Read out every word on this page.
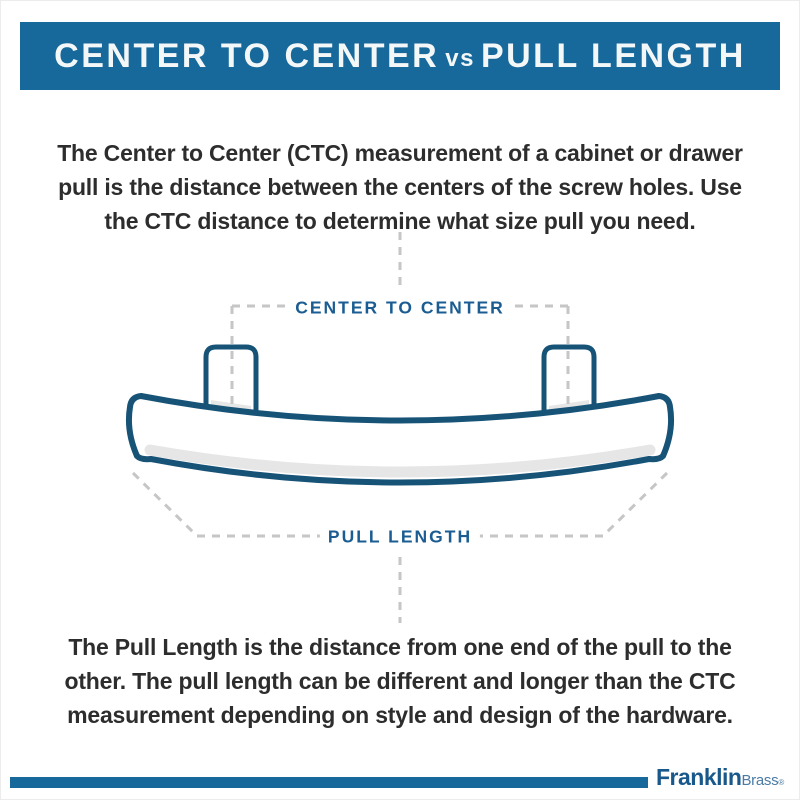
CENTER TO CENTER vs PULL LENGTH
The Center to Center (CTC) measurement of a cabinet or drawer
pull is the distance between the centers of the screw holes. Use
the CTC distance to determine what size pull you need.
CENTER TO CENTER
PULL LENGTH
The Pull Length is the distance from one end of the pull to the
other. The pull length can be different and longer than the CTC
measurement depending on style and design of the hardware.
Franklin Brass ®
